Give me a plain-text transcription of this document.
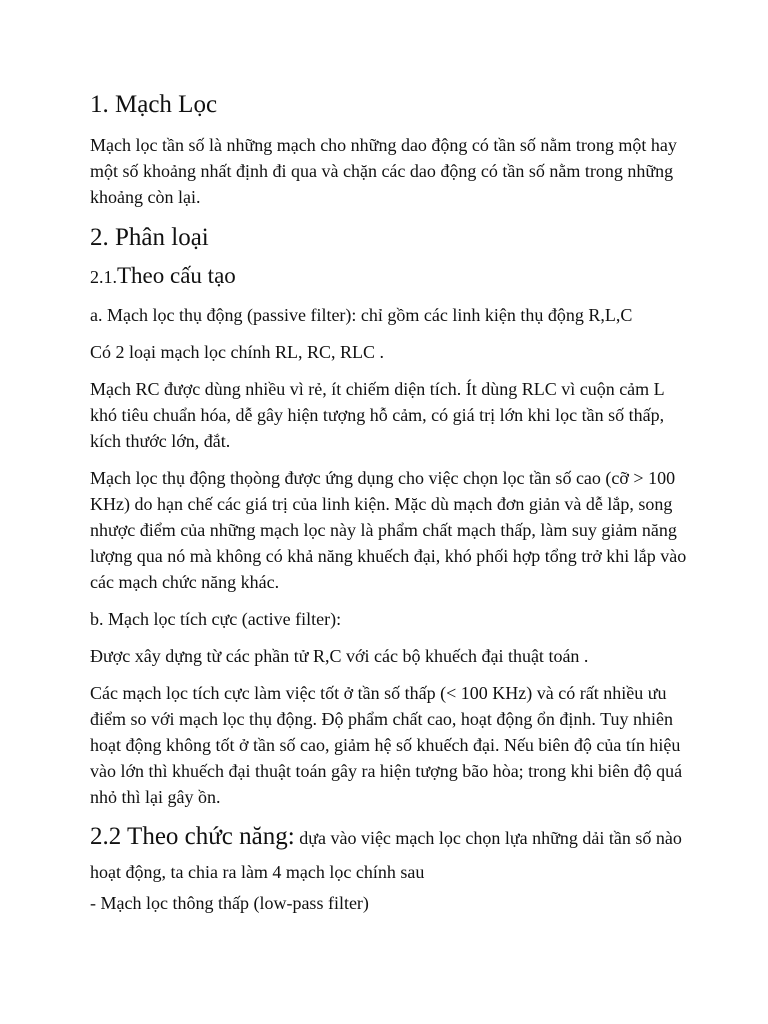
1. Mạch Lọc
Mạch lọc tần số là những mạch cho những dao động có tần số nằm trong một hay một số khoảng nhất định đi qua và chặn các dao động có tần số nằm trong những khoảng còn lại.
2. Phân loại
2.1.Theo cấu tạo
a. Mạch lọc thụ động (passive filter): chỉ gồm các linh kiện thụ động R,L,C
Có 2 loại mạch lọc chính RL, RC, RLC .
Mạch RC được dùng nhiều vì rẻ, ít chiếm diện tích. Ít dùng RLC vì cuộn cảm L khó tiêu chuẩn hóa, dễ gây hiện tượng hỗ cảm, có giá trị lớn khi lọc tần số thấp, kích thước lớn, đắt.
Mạch lọc thụ động thọòng được ứng dụng cho việc chọn lọc tần số cao (cỡ > 100 KHz) do hạn chế các giá trị của linh kiện. Mặc dù mạch đơn giản và dễ lắp, song nhược điểm của những mạch lọc này là phẩm chất mạch thấp, làm suy giảm năng lượng qua nó mà không có khả năng khuếch đại, khó phối hợp tổng trở khi lắp vào các mạch chức năng khác.
b. Mạch lọc tích cực (active filter):
Được xây dựng từ các phần tử R,C với các bộ khuếch đại thuật toán .
Các mạch lọc tích cực làm việc tốt ở tần số thấp (< 100 KHz) và có rất nhiều ưu điểm so với mạch lọc thụ động. Độ phẩm chất cao, hoạt động ổn định. Tuy nhiên hoạt động không tốt ở tần số cao, giảm hệ số khuếch đại. Nếu biên độ của tín hiệu vào lớn thì khuếch đại thuật toán gây ra hiện tượng bão hòa; trong khi biên độ quá nhỏ thì lại gây ồn.
2.2 Theo chức năng: dựa vào việc mạch lọc chọn lựa những dải tần số nào hoạt động, ta chia ra làm 4 mạch lọc chính sau
- Mạch lọc thông thấp (low-pass filter)
